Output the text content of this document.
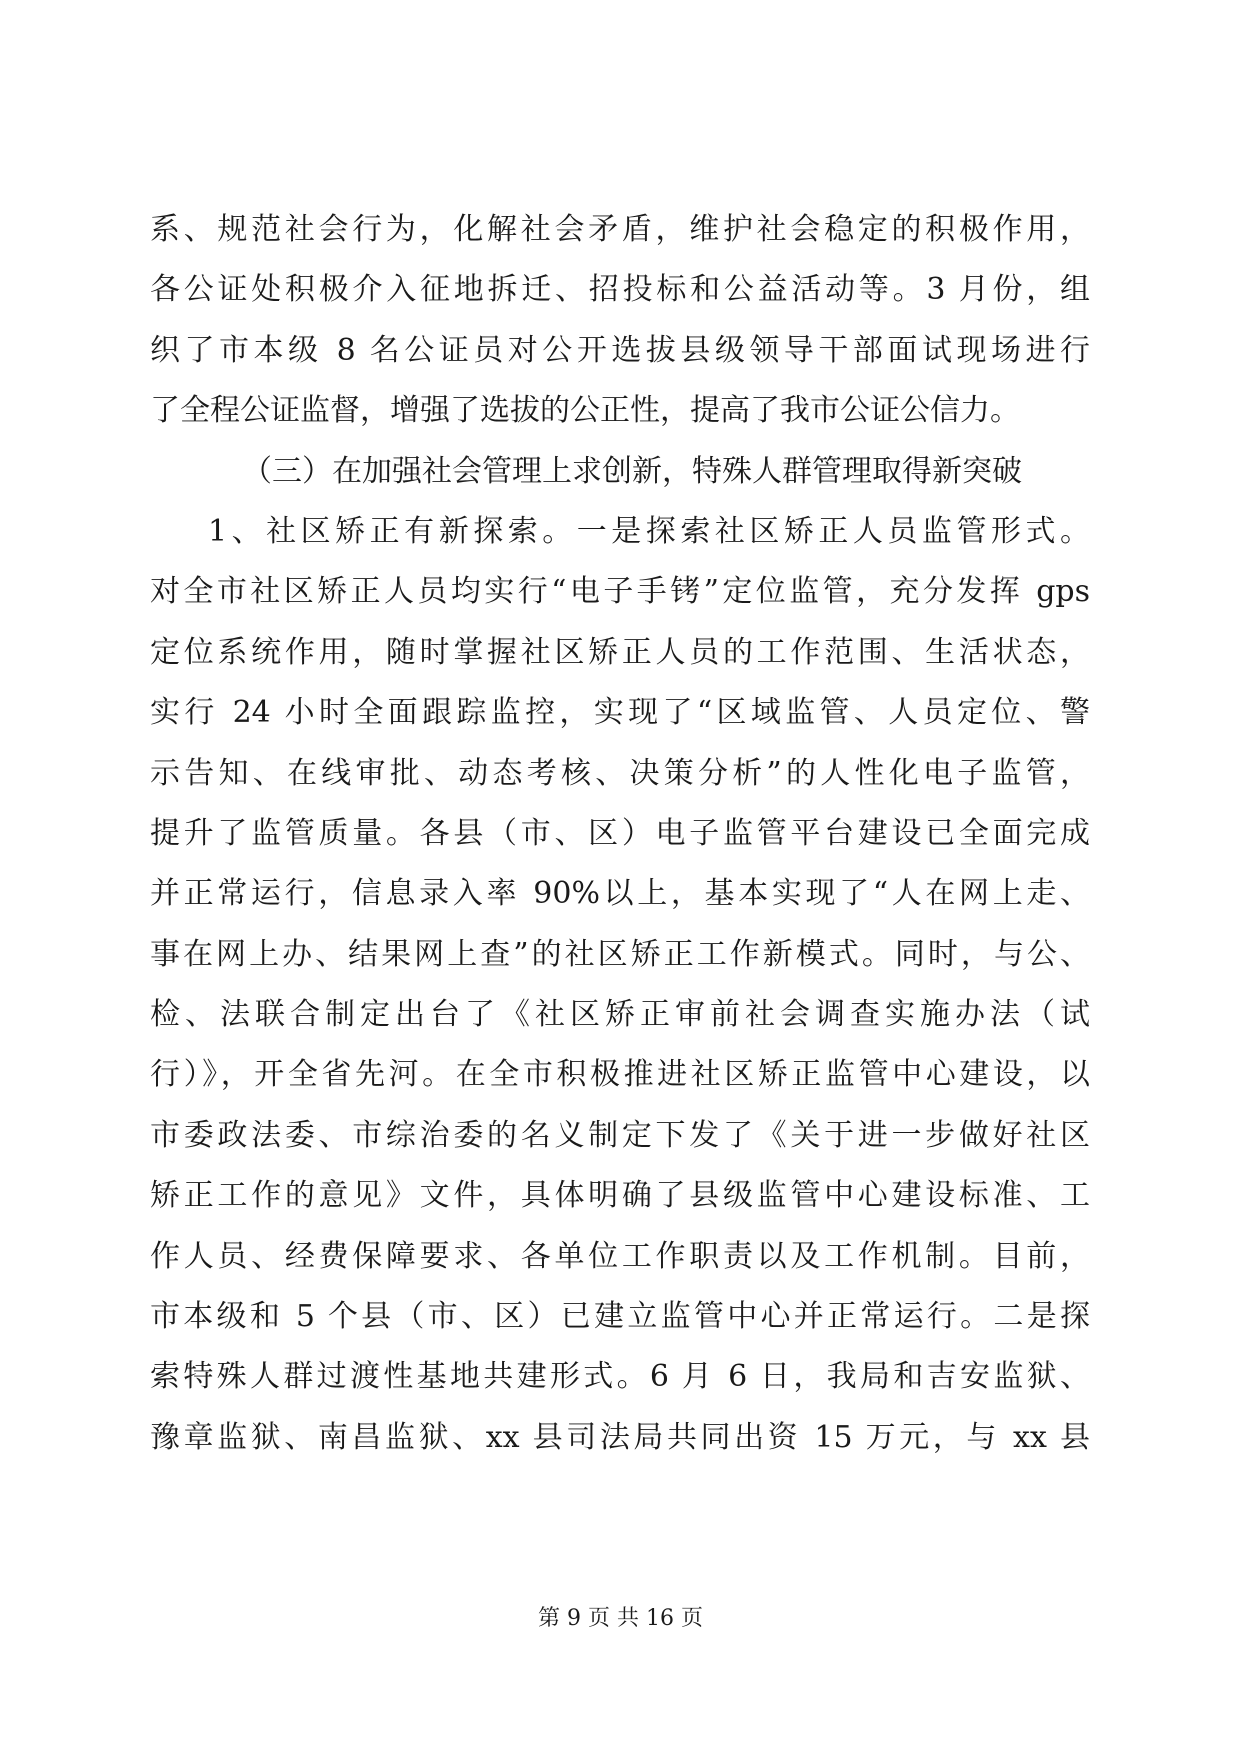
系、规范社会行为，化解社会矛盾，维护社会稳定的积极作用，
各公证处积极介入征地拆迁、招投标和公益活动等。3 月份，组
织了市本级 8 名公证员对公开选拔县级领导干部面试现场进行
了全程公证监督，增强了选拔的公正性，提高了我市公证公信力。
（三）在加强社会管理上求创新，特殊人群管理取得新突破
1、社区矫正有新探索。一是探索社区矫正人员监管形式。
对全市社区矫正人员均实行“电子手铐”定位监管，充分发挥 gps
定位系统作用，随时掌握社区矫正人员的工作范围、生活状态，
实行 24 小时全面跟踪监控，实现了“区域监管、人员定位、警
示告知、在线审批、动态考核、决策分析”的人性化电子监管，
提升了监管质量。各县（市、区）电子监管平台建设已全面完成
并正常运行，信息录入率 90%以上，基本实现了“人在网上走、
事在网上办、结果网上查”的社区矫正工作新模式。同时，与公、
检、法联合制定出台了《社区矫正审前社会调查实施办法（试
行）》，开全省先河。在全市积极推进社区矫正监管中心建设，以
市委政法委、市综治委的名义制定下发了《关于进一步做好社区
矫正工作的意见》文件，具体明确了县级监管中心建设标准、工
作人员、经费保障要求、各单位工作职责以及工作机制。目前，
市本级和 5 个县（市、区）已建立监管中心并正常运行。二是探
索特殊人群过渡性基地共建形式。6 月 6 日，我局和吉安监狱、
豫章监狱、南昌监狱、xx 县司法局共同出资 15 万元，与 xx 县
第 9 页 共 16 页
